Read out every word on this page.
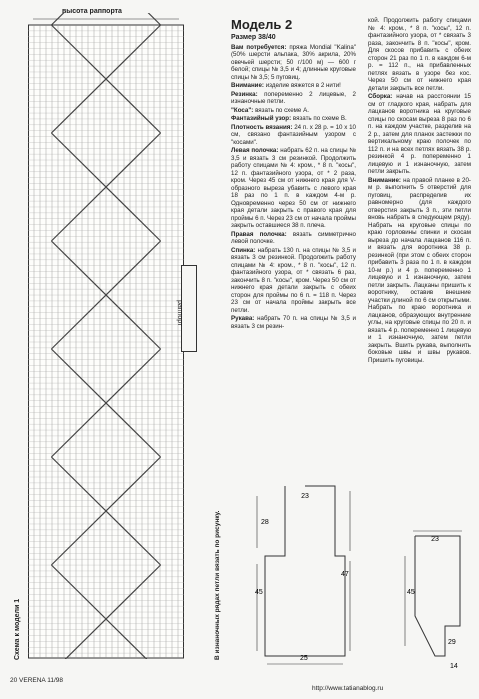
высота раппорта
раппорт
Схема к модели 1	В изнаночных рядах петли вязать по рисунку.
Модель 2
Размер 38/40
Вам потребуется: пряжа Mondial "Kalina" (50% шерсти альпака, 30% акрила, 20% овечьей шерсти; 50 г/100 м) — 600 г белой; спицы № 3,5 и 4; длинные круговые спицы № 3,5; 5 пуговиц.
Внимание: изделие вяжется в 2 нити!
Резинка: попеременно 2 лицевые, 2 изнаночные петли.
"Коса": вязать по схеме А.
Фантазийный узор: вязать по схеме В.
Плотность вязания: 24 п. х 28 р. = 10 х 10 см, связано фантазийным узором с "косами".
Левая полочка: набрать 62 п. на спицы № 3,5 и вязать 3 см резинкой. Продолжить работу спицами № 4: кром., * 8 п. "косы", 12 п. фантазийного узора, от * 2 раза, кром. Через 45 см от нижнего края для V-образного выреза убавить с левого края 18 раз по 1 п. в каждом 4-м р. Одновременно через 50 см от нижнего края детали закрыть с правого края для проймы 6 п. Через 23 см от начала проймы закрыть оставшиеся 38 п. плеча.
Правая полочка: вязать симметрично левой полочке.
Спинка: набрать 130 п. на спицы № 3,5 и вязать 3 см резинкой. Продолжить работу спицами № 4: кром., * 8 п. "косы", 12 п. фантазийного узора, от * связать 6 раз, закончить 8 п. "косы", кром. Через 50 см от нижнего края детали закрыть с обеих сторон для проймы по 6 п. = 118 п. Через 23 см от начала проймы закрыть все петли.
Рукава: набрать 70 п. на спицы № 3,5 и вязать 3 см резин-
кой. Продолжить работу спицами № 4: кром., * 8 п. "косы", 12 п. фантазийного узора, от * связать 3 раза, закончить 8 п. "косы", кром. Для скосов прибавить с обеих сторон 21 раз по 1 п. в каждом 6-м р. = 112 п., на прибавленных петлях вязать в узоре без кос. Через 50 см от нижнего края детали закрыть все петли.
Сборка: начав на расстоянии 15 см от гладкого края, набрать для лацканов воротника на круговые спицы по скосам выреза 8 раз по 6 п. на каждом участке, разделив на 2 р., затем для планок застежки по вертикальному краю полочек по 112 п. и на всех петлях вязать 38 р. резинкой 4 р. попеременно 1 лицевую и 1 изнаночную, затем петли закрыть.
Внимание: на правой планке в 20-м р. выполнить 5 отверстий для пуговиц, распределив их равномерно (для каждого отверстия закрыть 3 п., эти петли вновь набрать в следующем ряду). Набрать на круговые спицы по краю горловины спинки и скосам выреза до начала лацканов 116 п. и вязать для воротника 38 р. резинкой (при этом с обеих сторон прибавить 3 раза по 1 п. в каждом 10-м р.) и 4 р. попеременно 1 лицевую и 1 изнаночную, затем петли закрыть. Лацканы пришить к воротнику, оставив внешние участки длиной по 6 см открытыми. Набрать по краю воротника и лацканов, образующих внутренние углы, на круговые спицы по 20 п. и вязать 4 р. попеременно 1 лицевую и 1 изнаночную, затем петли закрыть. Вшить рукава, выполнить боковые швы и швы рукавов. Пришить пуговицы.
23
28
47
45
25
23
45
29
14
20 VERENA 11/98
http://www.tatianablog.ru
